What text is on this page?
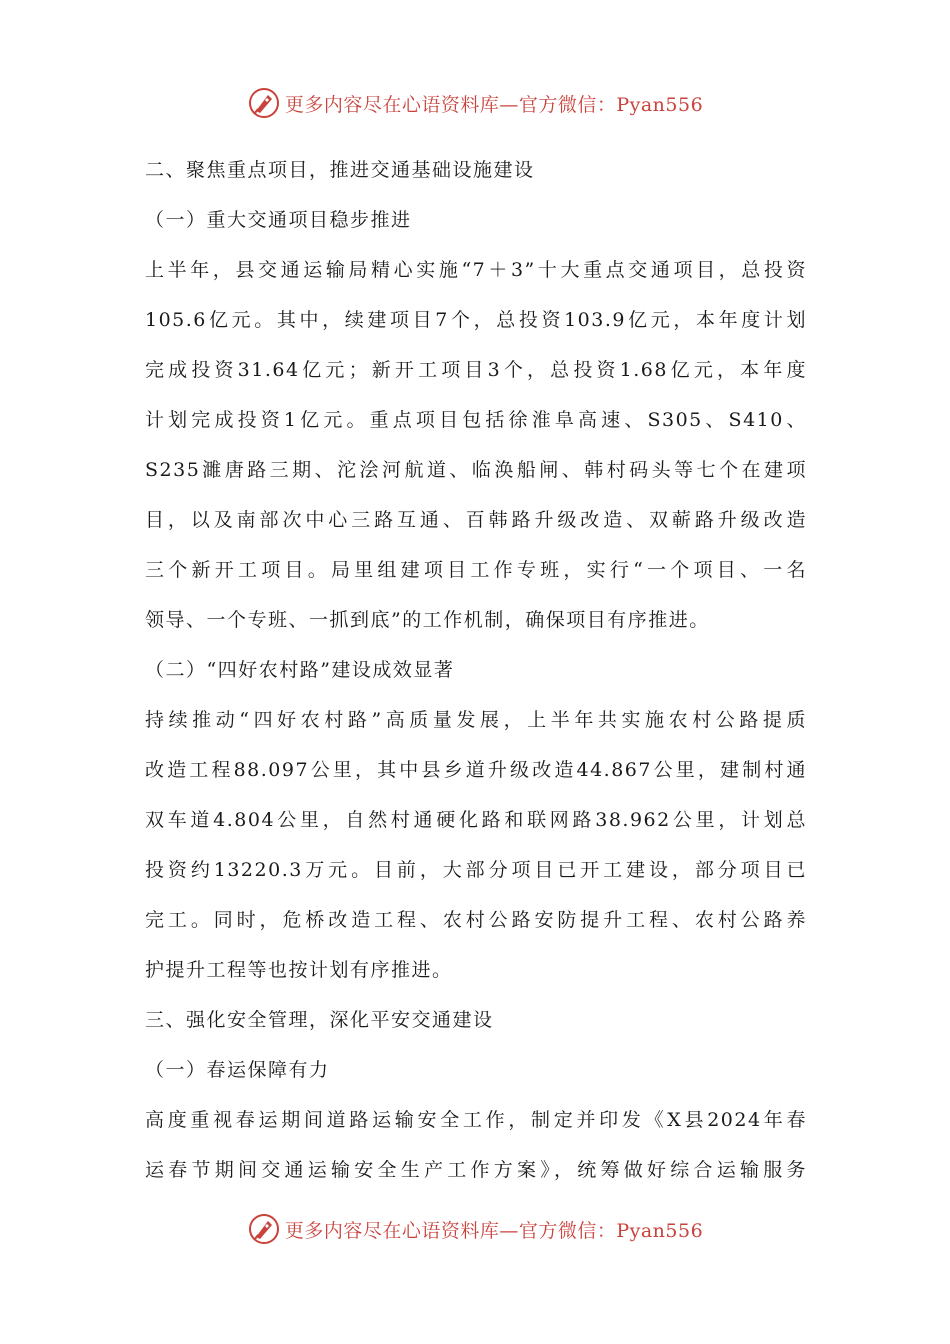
更多内容尽在心语资料库—官方微信：Pyan556
二、聚焦重点项目，推进交通基础设施建设
（一）重大交通项目稳步推进
上半年，县交通运输局精心实施“7＋3”十大重点交通项目，总投资
105.6亿元。其中，续建项目7个，总投资103.9亿元，本年度计划
完成投资31.64亿元；新开工项目3个，总投资1.68亿元，本年度
计划完成投资1亿元。重点项目包括徐淮阜高速、S305、S410、
S235濉唐路三期、沱浍河航道、临涣船闸、韩村码头等七个在建项
目，以及南部次中心三路互通、百韩路升级改造、双蕲路升级改造
三个新开工项目。局里组建项目工作专班，实行“一个项目、一名
领导、一个专班、一抓到底”的工作机制，确保项目有序推进。
（二）“四好农村路”建设成效显著
持续推动“四好农村路”高质量发展，上半年共实施农村公路提质
改造工程88.097公里，其中县乡道升级改造44.867公里，建制村通
双车道4.804公里，自然村通硬化路和联网路38.962公里，计划总
投资约13220.3万元。目前，大部分项目已开工建设，部分项目已
完工。同时，危桥改造工程、农村公路安防提升工程、农村公路养
护提升工程等也按计划有序推进。
三、强化安全管理，深化平安交通建设
（一）春运保障有力
高度重视春运期间道路运输安全工作，制定并印发《X县2024年春
运春节期间交通运输安全生产工作方案》，统筹做好综合运输服务
更多内容尽在心语资料库—官方微信：Pyan556
